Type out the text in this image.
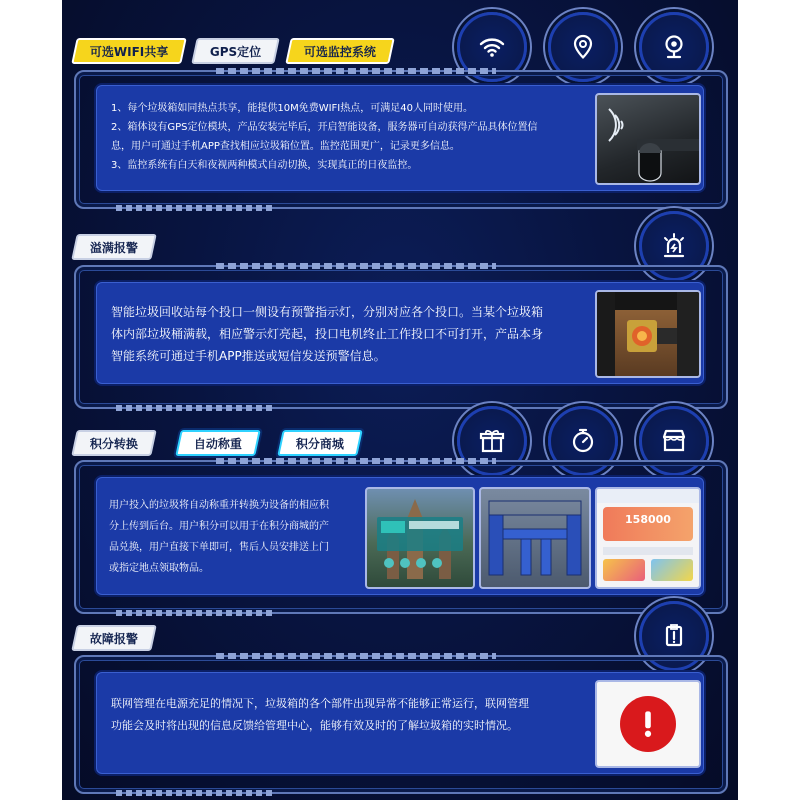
可选WIFI共享	GPS定位	可选监控系统

1、每个垃圾箱如同热点共享，能提供10M免费WIFI热点，可满足40人同时使用。

2、箱体设有GPS定位模块，产品安装完毕后，开启智能设备，服务器可自动获得产品具体位置信

息，用户可通过手机APP查找相应垃圾箱位置。监控范围更广，记录更多信息。

3、监控系统有白天和夜视两种模式自动切换，实现真正的日夜监控。

溢满报警

智能垃圾回收站每个投口一侧设有预警指示灯，分别对应各个投口。当某个垃圾箱

体内部垃圾桶满载，相应警示灯亮起，投口电机终止工作投口不可打开，产品本身

智能系统可通过手机APP推送或短信发送预警信息。

积分转换	自动称重	积分商城

用户投入的垃圾将自动称重并转换为设备的相应积

分上传到后台。用户积分可以用于在积分商城的产

品兑换，用户直接下单即可，售后人员安排送上门

或指定地点领取物品。

158000
故障报警

联网管理在电源充足的情况下，垃圾箱的各个部件出现异常不能够正常运行，联网管理

功能会及时将出现的信息反馈给管理中心，能够有效及时的了解垃圾箱的实时情况。
